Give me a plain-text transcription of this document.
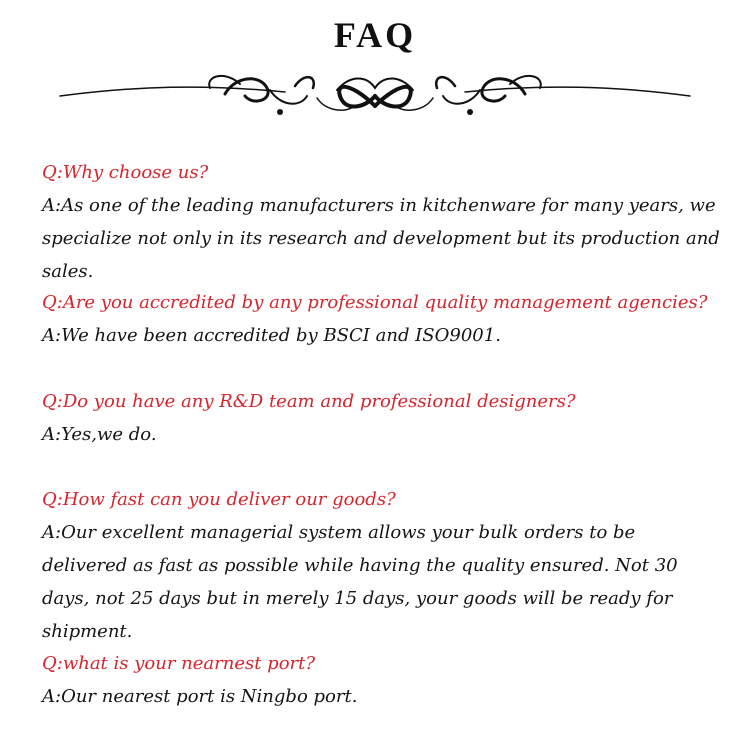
FAQ
Q:Why choose us?
A:As one of the leading manufacturers in kitchenware for many years, we specialize not only in its research and development but its production and sales.
Q:Are you accredited by any professional quality management agencies?
A:We have been accredited by BSCI and ISO9001.
Q:Do you have any R&D team and professional designers?
A:Yes,we do.
Q:How fast can you deliver our goods?
A:Our excellent managerial system allows your bulk orders to be delivered as fast as possible while having the quality ensured. Not 30 days, not 25 days but in merely 15 days, your goods will be ready for shipment.
Q:what is your nearnest port?
A:Our nearest port is Ningbo port.
